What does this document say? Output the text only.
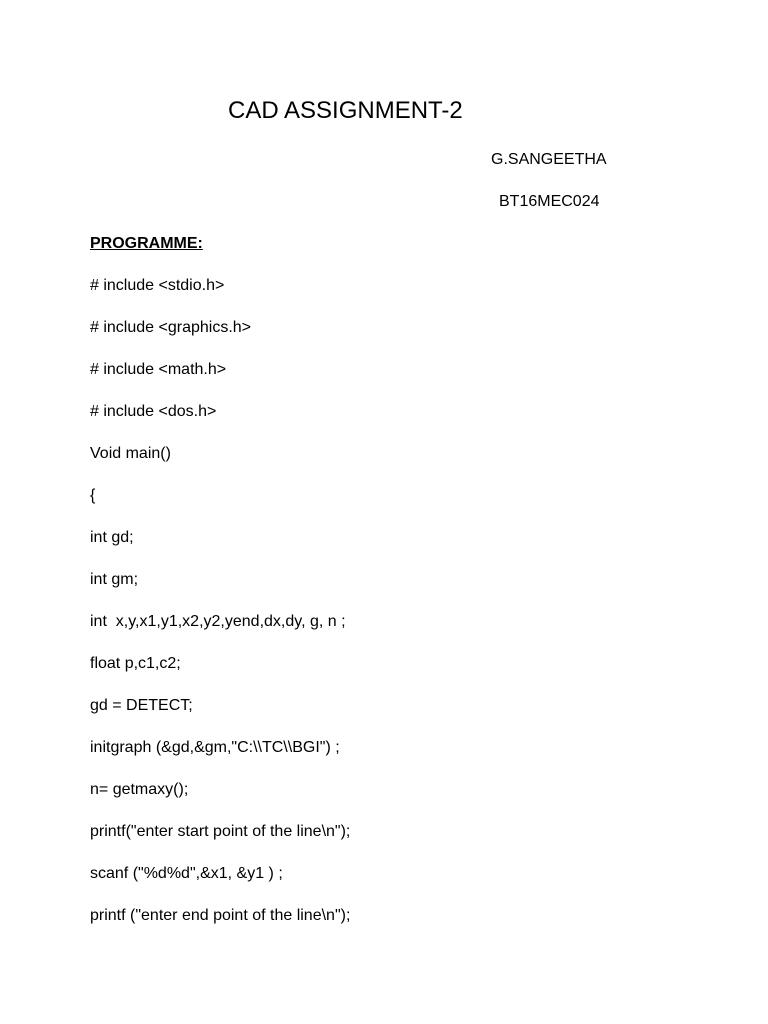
CAD ASSIGNMENT-2
G.SANGEETHA
BT16MEC024
PROGRAMME:
# include <stdio.h>
# include <graphics.h>
# include <math.h>
# include <dos.h>
Void main()
{
int gd;
int gm;
int  x,y,x1,y1,x2,y2,yend,dx,dy, g, n ;
float p,c1,c2;
gd = DETECT;
initgraph (&gd,&gm,"C:\\TC\\BGI") ;
n= getmaxy();
printf("enter start point of the line\n");
scanf ("%d%d",&x1, &y1 ) ;
printf ("enter end point of the line\n");
